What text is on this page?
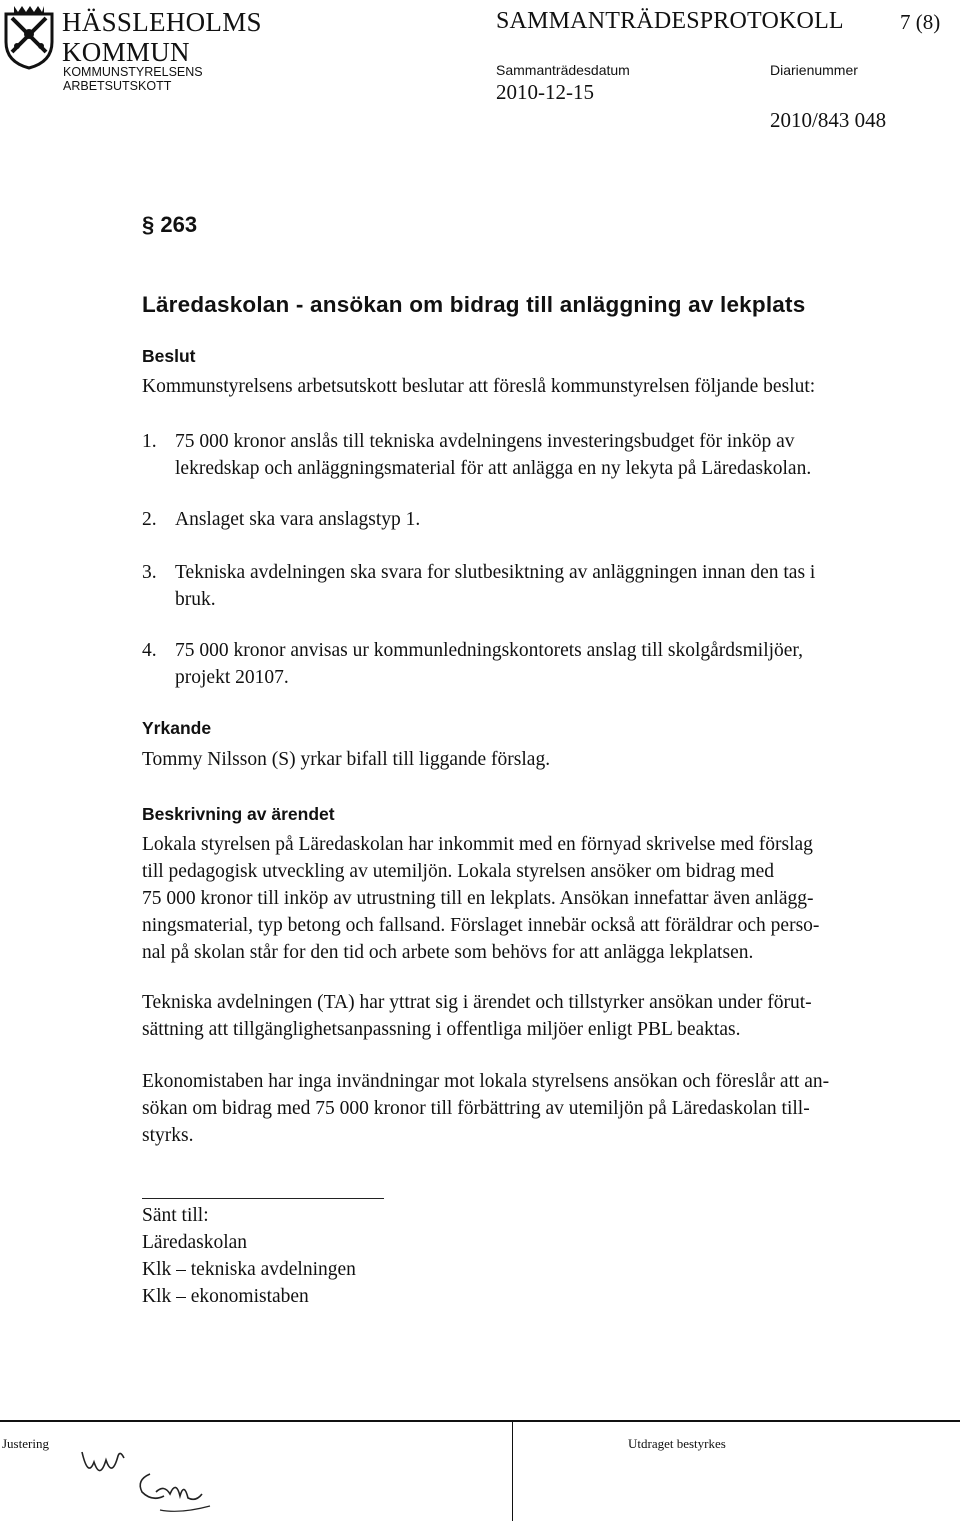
HÄSSLEHOLMS
KOMMUN
KOMMUNSTYRELSENS
ARBETSUTSKOTT
SAMMANTRÄDESPROTOKOLL	7 (8)
Sammanträdesdatum	Diarienummer
2010-12-15
2010/843 048
§ 263
Läredaskolan - ansökan om bidrag till anläggning av lekplats
Beslut
Kommunstyrelsens arbetsutskott beslutar att föreslå kommunstyrelsen följande beslut:
1. 75 000 kronor anslås till tekniska avdelningens investeringsbudget för inköp av
lekredskap och anläggningsmaterial för att anlägga en ny lekyta på Läredaskolan.
2. Anslaget ska vara anslagstyp 1.
3. Tekniska avdelningen ska svara for slutbesiktning av anläggningen innan den tas i
bruk.
4. 75 000 kronor anvisas ur kommunledningskontorets anslag till skolgårdsmiljöer,
projekt 20107.
Yrkande
Tommy Nilsson (S) yrkar bifall till liggande förslag.
Beskrivning av ärendet
Lokala styrelsen på Läredaskolan har inkommit med en förnyad skrivelse med förslag
till pedagogisk utveckling av utemiljön. Lokala styrelsen ansöker om bidrag med
75 000 kronor till inköp av utrustning till en lekplats. Ansökan innefattar även anlägg-
ningsmaterial, typ betong och fallsand. Förslaget innebär också att föräldrar och perso-
nal på skolan står for den tid och arbete som behövs for att anlägga lekplatsen.
Tekniska avdelningen (TA) har yttrat sig i ärendet och tillstyrker ansökan under förut-
sättning att tillgänglighetsanpassning i offentliga miljöer enligt PBL beaktas.
Ekonomistaben har inga invändningar mot lokala styrelsens ansökan och föreslår att an-
sökan om bidrag med 75 000 kronor till förbättring av utemiljön på Läredaskolan till-
styrks.
Sänt till:
Läredaskolan
Klk – tekniska avdelningen
Klk – ekonomistaben
Justering	Utdraget bestyrkes
